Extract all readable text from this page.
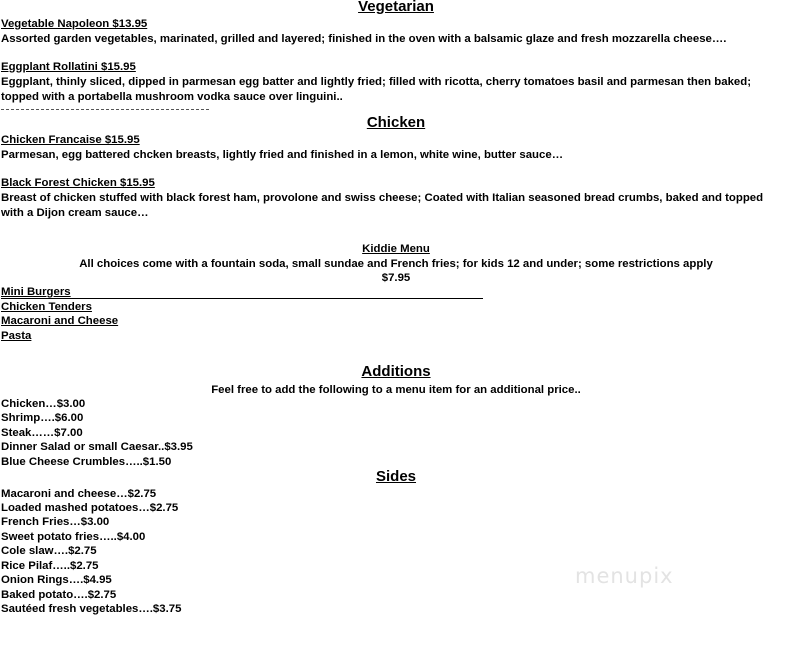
Vegetarian
Vegetable Napoleon $13.95
Assorted garden vegetables, marinated, grilled and layered; finished in the oven with a balsamic glaze and fresh mozzarella cheese….
Eggplant Rollatini $15.95
Eggplant, thinly sliced, dipped in parmesan egg batter and lightly fried; filled with ricotta, cherry tomatoes basil and parmesan then baked;
topped with a portabella mushroom vodka sauce over linguini..
Chicken
Chicken Francaise $15.95
Parmesan, egg battered chcken breasts, lightly fried and finished in a lemon, white wine, butter sauce…
Black Forest Chicken $15.95
Breast of chicken stuffed with black forest ham, provolone and swiss cheese; Coated with Italian seasoned bread crumbs, baked and topped
with a Dijon cream sauce…
Kiddie Menu
All choices come with a fountain soda, small sundae and French fries; for kids 12 and under; some restrictions apply
$7.95
Mini Burgers
Chicken Tenders
Macaroni and Cheese
Pasta
Additions
Feel free to add the following to a menu item for an additional price..
Chicken…$3.00
Shrimp….$6.00
Steak……$7.00
Dinner Salad or small Caesar..$3.95
Blue Cheese Crumbles…..$1.50
Sides
Macaroni and cheese…$2.75
Loaded mashed potatoes…$2.75
French Fries…$3.00
Sweet potato fries…..$4.00
Cole slaw….$2.75
Rice Pilaf…..$2.75
Onion Rings….$4.95
Baked potato….$2.75
Sautéed fresh vegetables….$3.75
menupix
